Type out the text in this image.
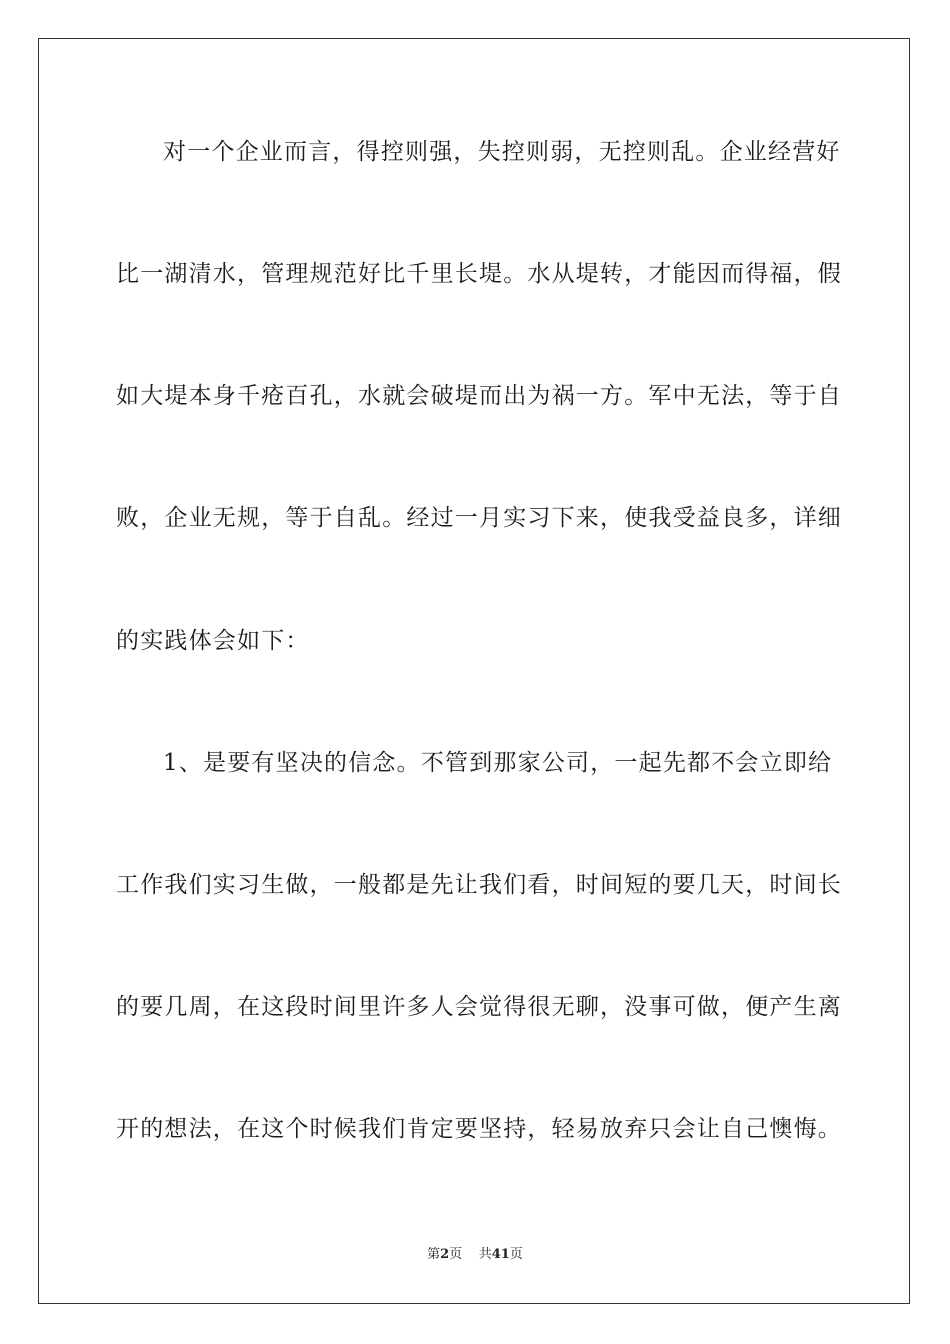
对一个企业而言，得控则强，失控则弱，无控则乱。企业经营好
比一湖清水，管理规范好比千里长堤。水从堤转，才能因而得福，假
如大堤本身千疮百孔，水就会破堤而出为祸一方。军中无法，等于自
败，企业无规，等于自乱。经过一月实习下来，使我受益良多，详细
的实践体会如下：
1、是要有坚决的信念。不管到那家公司，一起先都不会立即给
工作我们实习生做，一般都是先让我们看，时间短的要几天，时间长
的要几周，在这段时间里许多人会觉得很无聊，没事可做，便产生离
开的想法，在这个时候我们肯定要坚持，轻易放弃只会让自己懊悔。
第2页    共41页
